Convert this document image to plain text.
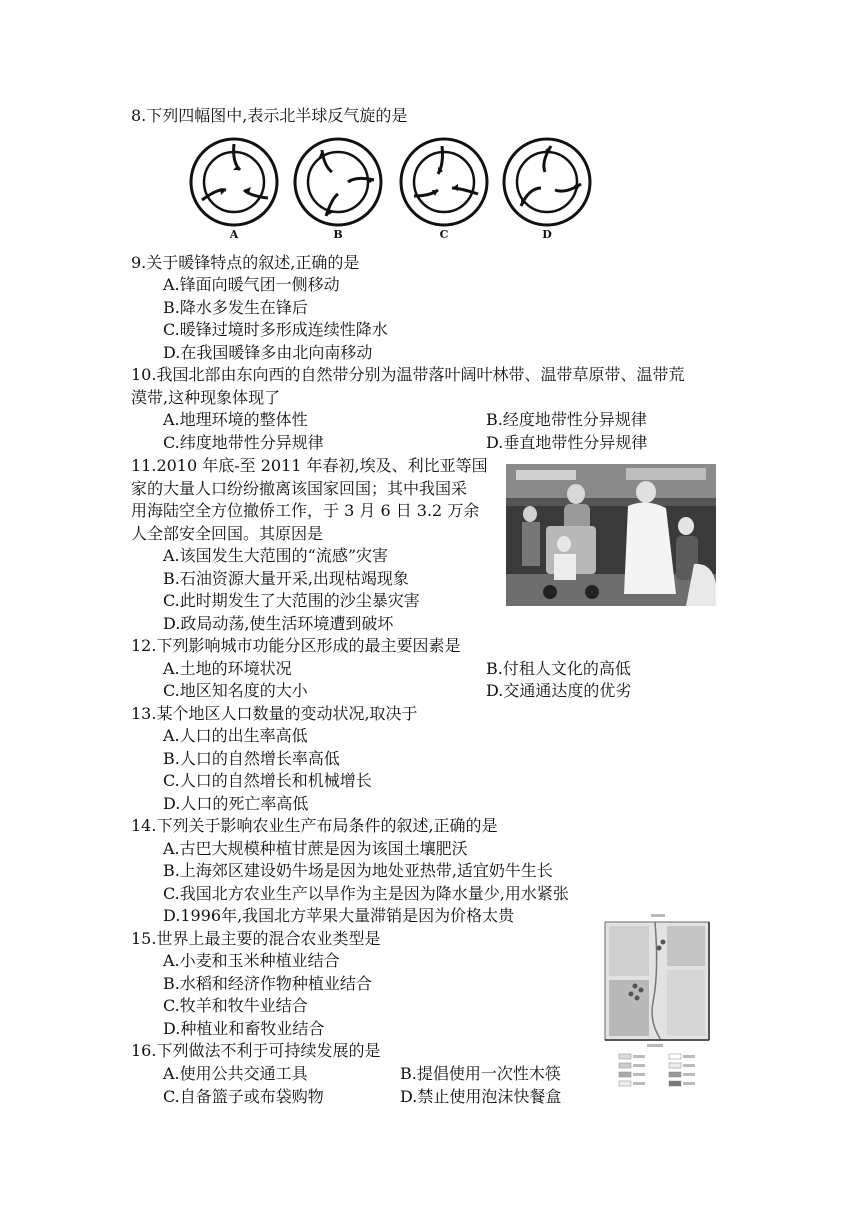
8.下列四幅图中,表示北半球反气旋的是
A	B	C	D
9.关于暖锋特点的叙述,正确的是
A.锋面向暖气团一侧移动
B.降水多发生在锋后
C.暖锋过境时多形成连续性降水
D.在我国暖锋多由北向南移动
10.我国北部由东向西的自然带分别为温带落叶阔叶林带、温带草原带、温带荒
漠带,这种现象体现了
A.地理环境的整体性	B.经度地带性分异规律
C.纬度地带性分异规律	D.垂直地带性分异规律
11.2010 年底-至 2011 年春初,埃及、利比亚等国
家的大量人口纷纷撤离该国家回国；其中我国采
用海陆空全方位撤侨工作，于 3 月 6 日 3.2 万余
人全部安全回国。其原因是
A.该国发生大范围的“流感”灾害
B.石油资源大量开采,出现枯竭现象
C.此时期发生了大范围的沙尘暴灾害
D.政局动荡,使生活环境遭到破坏
12.下列影响城市功能分区形成的最主要因素是
A.土地的环境状况	B.付租人文化的高低
C.地区知名度的大小	D.交通通达度的优劣
13.某个地区人口数量的变动状况,取决于
A.人口的出生率高低
B.人口的自然增长率高低
C.人口的自然增长和机械增长
D.人口的死亡率高低
14.下列关于影响农业生产布局条件的叙述,正确的是
A.古巴大规模种植甘蔗是因为该国土壤肥沃
B.上海郊区建设奶牛场是因为地处亚热带,适宜奶牛生长
C.我国北方农业生产以旱作为主是因为降水量少,用水紧张
D.1996年,我国北方苹果大量滞销是因为价格太贵
15.世界上最主要的混合农业类型是
A.小麦和玉米种植业结合
B.水稻和经济作物种植业结合
C.牧羊和牧牛业结合
D.种植业和畜牧业结合
16.下列做法不利于可持续发展的是
A.使用公共交通工具	B.提倡使用一次性木筷
C.自备篮子或布袋购物	D.禁止使用泡沫快餐盒
